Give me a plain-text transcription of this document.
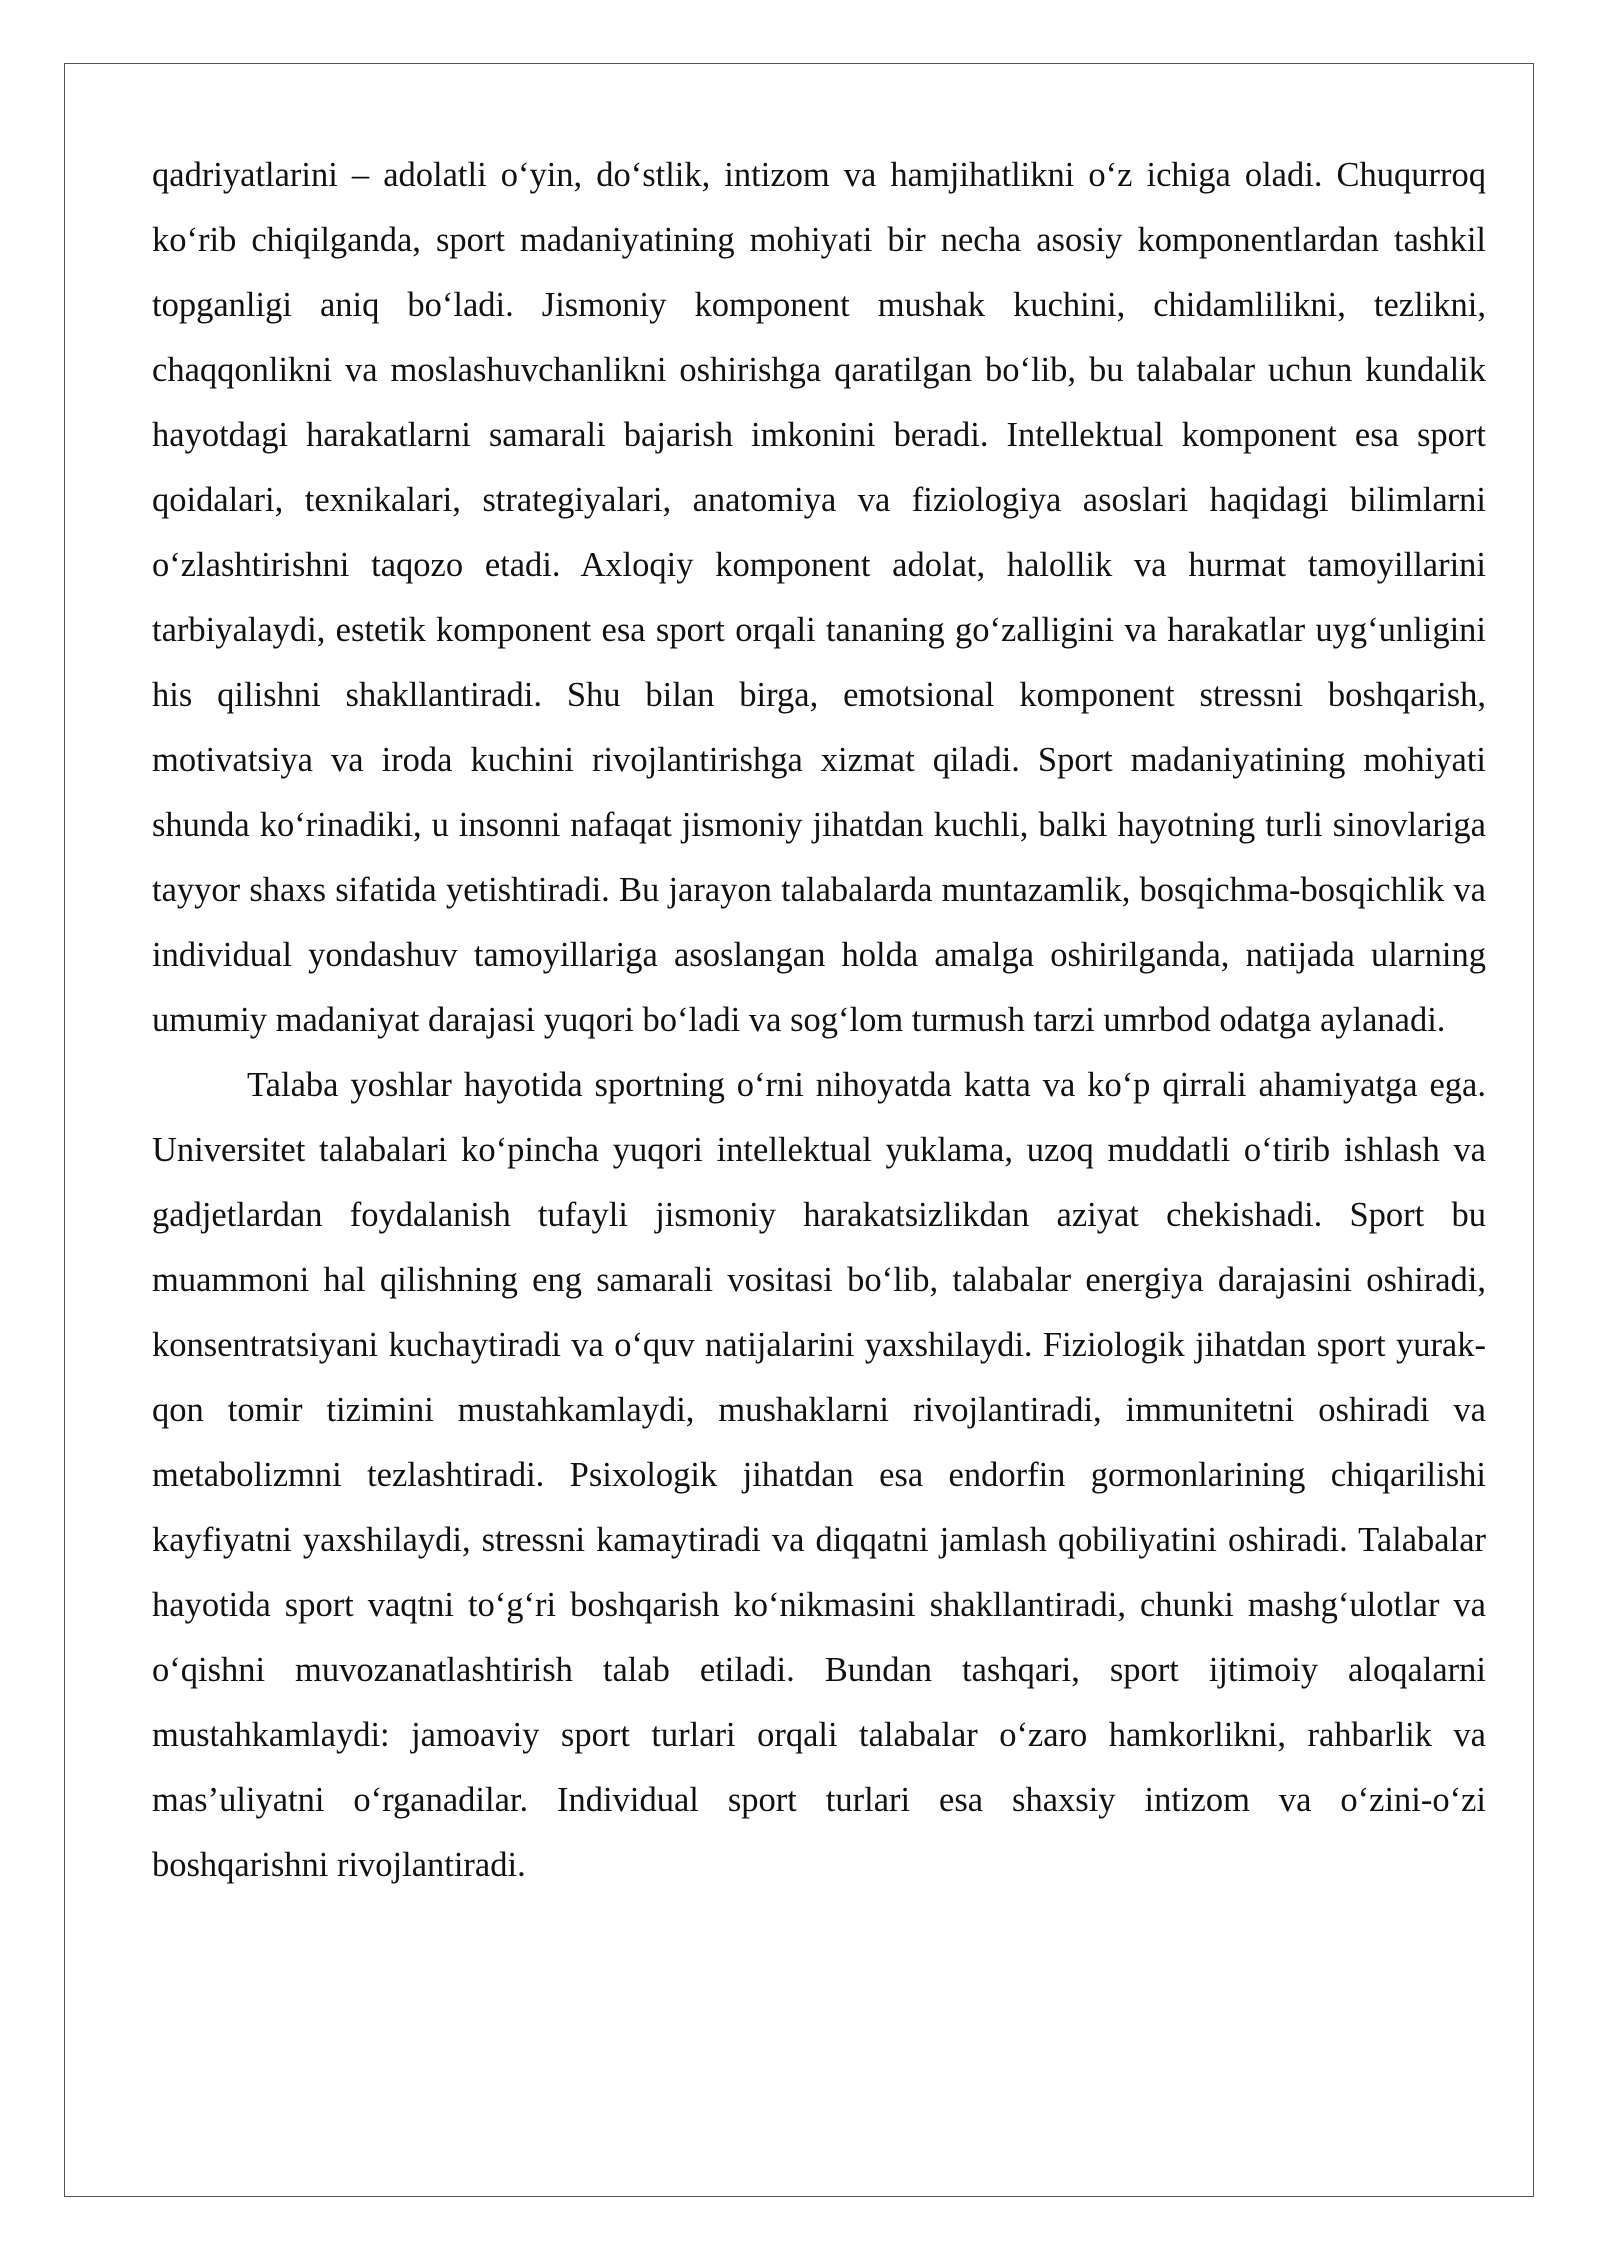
qadriyatlarini – adolatli o‘yin, do‘stlik, intizom va hamjihatlikni o‘z ichiga oladi. Chuqurroq ko‘rib chiqilganda, sport madaniyatining mohiyati bir necha asosiy komponentlardan tashkil topganligi aniq bo‘ladi. Jismoniy komponent mushak kuchini, chidamlilikni, tezlikni, chaqqonlikni va moslashuvchanlikni oshirishga qaratilgan bo‘lib, bu talabalar uchun kundalik hayotdagi harakatlarni samarali bajarish imkonini beradi. Intellektual komponent esa sport qoidalari, texnikalari, strategiyalari, anatomiya va fiziologiya asoslari haqidagi bilimlarni o‘zlashtirishni taqozo etadi. Axloqiy komponent adolat, halollik va hurmat tamoyillarini tarbiyalaydi, estetik komponent esa sport orqali tananing go‘zalligini va harakatlar uyg‘unligini his qilishni shakllantiradi. Shu bilan birga, emotsional komponent stressni boshqarish, motivatsiya va iroda kuchini rivojlantirishga xizmat qiladi. Sport madaniyatining mohiyati shunda ko‘rinadiki, u insonni nafaqat jismoniy jihatdan kuchli, balki hayotning turli sinovlariga tayyor shaxs sifatida yetishtiradi. Bu jarayon talabalarda muntazamlik, bosqichma-bosqichlik va individual yondashuv tamoyillariga asoslangan holda amalga oshirilganda, natijada ularning umumiy madaniyat darajasi yuqori bo‘ladi va sog‘lom turmush tarzi umrbod odatga aylanadi.

Talaba yoshlar hayotida sportning o‘rni nihoyatda katta va ko‘p qirrali ahamiyatga ega. Universitet talabalari ko‘pincha yuqori intellektual yuklama, uzoq muddatli o‘tirib ishlash va gadjetlardan foydalanish tufayli jismoniy harakatsizlikdan aziyat chekishadi. Sport bu muammoni hal qilishning eng samarali vositasi bo‘lib, talabalar energiya darajasini oshiradi, konsentratsiyani kuchaytiradi va o‘quv natijalarini yaxshilaydi. Fiziologik jihatdan sport yurak-qon tomir tizimini mustahkamlaydi, mushaklarni rivojlantiradi, immunitetni oshiradi va metabolizmni tezlashtiradi. Psixologik jihatdan esa endorfin gormonlarining chiqarilishi kayfiyatni yaxshilaydi, stressni kamaytiradi va diqqatni jamlash qobiliyatini oshiradi. Talabalar hayotida sport vaqtni to‘g‘ri boshqarish ko‘nikmasini shakllantiradi, chunki mashg‘ulotlar va o‘qishni muvozanatlashtirish talab etiladi. Bundan tashqari, sport ijtimoiy aloqalarni mustahkamlaydi: jamoaviy sport turlari orqali talabalar o‘zaro hamkorlikni, rahbarlik va mas’uliyatni o‘rganadilar. Individual sport turlari esa shaxsiy intizom va o‘zini-o‘zi boshqarishni rivojlantiradi.
